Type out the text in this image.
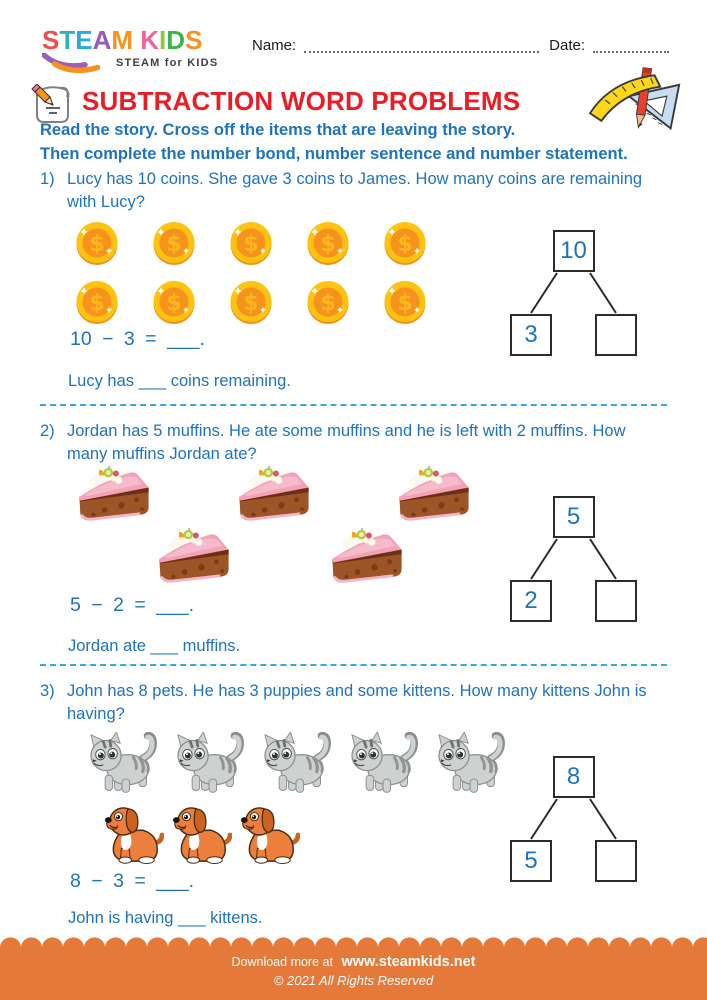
STEAM KIDS
STEAM for KIDS
Name:	Date:
SUBTRACTION WORD PROBLEMS
Read the story. Cross off the items that are leaving the story.
Then complete the number bond, number sentence and number statement.
1) Lucy has 10 coins. She gave 3 coins to James. How many coins are remaining with Lucy?
$	$	$	$	$
$	$	$	$	$
10
3
10 − 3 = ___.
Lucy has ___ coins remaining.
2) Jordan has 5 muffins. He ate some muffins and he is left with 2 muffins. How many muffins Jordan ate?
5
2
5 − 2 = ___.
Jordan ate ___ muffins.
3) John has 8 pets. He has 3 puppies and some kittens. How many kittens John is having?
8
5
8 − 3 = ___.
John is having ___ kittens.
Download more at www.steamkids.net
© 2021 All Rights Reserved
